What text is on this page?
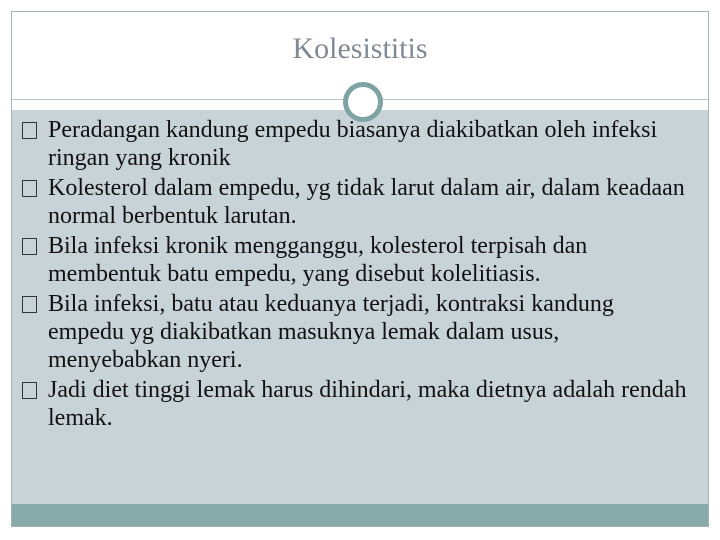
Kolesistitis
Peradangan kandung empedu biasanya diakibatkan oleh infeksi ringan yang kronik
Kolesterol dalam empedu, yg tidak larut dalam air, dalam keadaan normal berbentuk larutan.
Bila infeksi kronik mengganggu, kolesterol terpisah dan membentuk batu empedu, yang disebut kolelitiasis.
Bila infeksi, batu atau keduanya terjadi, kontraksi kandung empedu yg diakibatkan masuknya lemak dalam usus, menyebabkan nyeri.
Jadi diet tinggi lemak harus dihindari, maka dietnya adalah rendah lemak.
